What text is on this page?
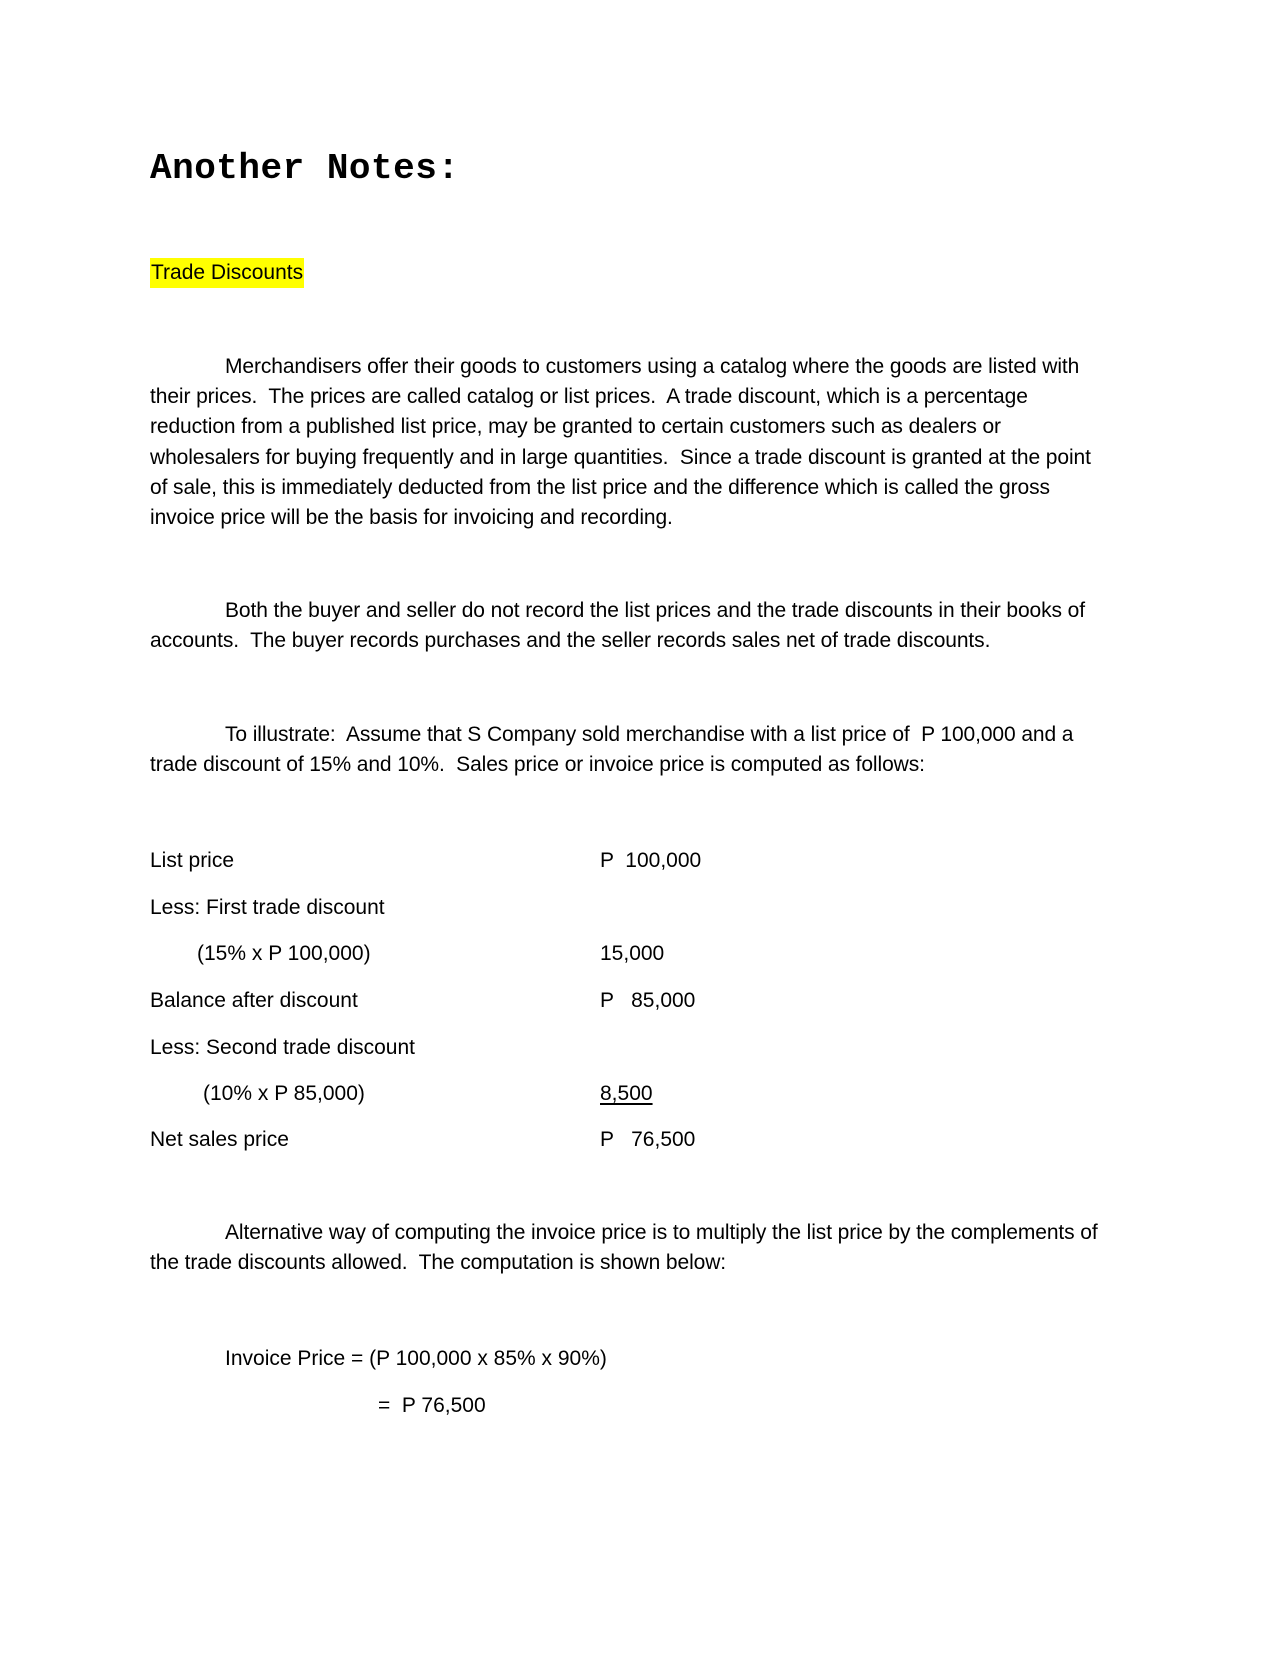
Another Notes:
Trade Discounts

Merchandisers offer their goods to customers using a catalog where the goods are listed with their prices.  The prices are called catalog or list prices.  A trade discount, which is a percentage reduction from a published list price, may be granted to certain customers such as dealers or wholesalers for buying frequently and in large quantities.  Since a trade discount is granted at the point of sale, this is immediately deducted from the list price and the difference which is called the gross invoice price will be the basis for invoicing and recording.

Both the buyer and seller do not record the list prices and the trade discounts in their books of accounts.  The buyer records purchases and the seller records sales net of trade discounts.

To illustrate:  Assume that S Company sold merchandise with a list price of  P 100,000 and a trade discount of 15% and 10%.  Sales price or invoice price is computed as follows:

List price	P  100,000
Less: First trade discount
(15% x P 100,000)	15,000
Balance after discount	P   85,000
Less: Second trade discount
(10% x P 85,000)	8,500
Net sales price	P   76,500

Alternative way of computing the invoice price is to multiply the list price by the complements of the trade discounts allowed.  The computation is shown below:

Invoice Price = (P 100,000 x 85% x 90%)
=  P 76,500
